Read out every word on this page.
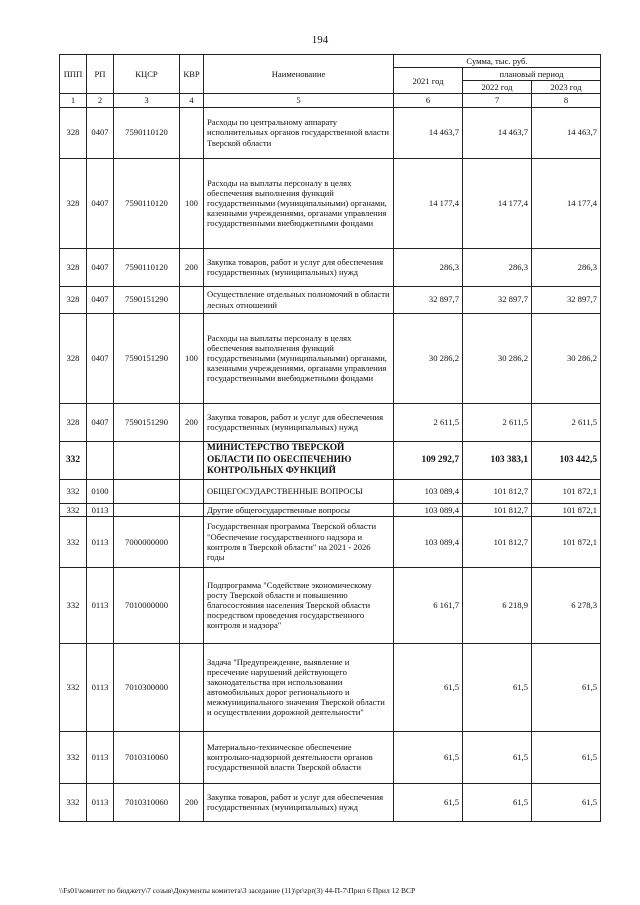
194
ППП	РП	КЦСР	КВР	Наименование	Сумма, тыс. руб.		
					2021 год	плановый период	
						2022 год	2023 год
1	2	3	4	5	6	7	8
328	0407	7590110120		Расходы по центральному аппарату исполнительных органов государственной власти Тверской области	14 463,7	14 463,7	14 463,7
328	0407	7590110120	100	Расходы на выплаты персоналу в целях обеспечения выполнения функций государственными (муниципальными) органами, казенными учреждениями, органами управления государственными внебюджетными фондами	14 177,4	14 177,4	14 177,4
328	0407	7590110120	200	Закупка товаров, работ и услуг для обеспечения государственных (муниципальных) нужд	286,3	286,3	286,3
328	0407	7590151290		Осуществление отдельных полномочий в области лесных отношений	32 897,7	32 897,7	32 897,7
328	0407	7590151290	100	Расходы на выплаты персоналу в целях обеспечения выполнения функций государственными (муниципальными) органами, казенными учреждениями, органами управления государственными внебюджетными фондами	30 286,2	30 286,2	30 286,2
328	0407	7590151290	200	Закупка товаров, работ и услуг для обеспечения государственных (муниципальных) нужд	2 611,5	2 611,5	2 611,5
332				МИНИСТЕРСТВО ТВЕРСКОЙ ОБЛАСТИ ПО ОБЕСПЕЧЕНИЮ КОНТРОЛЬНЫХ ФУНКЦИЙ	109 292,7	103 383,1	103 442,5
332	0100			ОБЩЕГОСУДАРСТВЕННЫЕ ВОПРОСЫ	103 089,4	101 812,7	101 872,1
332	0113			Другие общегосударственные вопросы	103 089,4	101 812,7	101 872,1
332	0113	7000000000		Государственная программа Тверской области "Обеспечение государственного надзора и контроля в Тверской области" на 2021 - 2026 годы	103 089,4	101 812,7	101 872,1
332	0113	7010000000		Подпрограмма "Содействие экономическому росту Тверской области и повышению благосостояния населения Тверской области посредством проведения государственного контроля и надзора"	6 161,7	6 218,9	6 278,3
332	0113	7010300000		Задача "Предупреждение, выявление и пресечение нарушений действующего законодательства при использовании автомобильных дорог регионального и межмуниципального значения Тверской области и осуществлении дорожной деятельности"	61,5	61,5	61,5
332	0113	7010310060		Материально-техническое обеспечение контрольно-надзорной деятельности органов государственной власти Тверской области	61,5	61,5	61,5
332	0113	7010310060	200	Закупка товаров, работ и услуг для обеспечения государственных (муниципальных) нужд	61,5	61,5	61,5
\\Fs01\комитет по бюджету\7 созыв\Документы комитета\3 заседание (11)\pr\zpr(3) 44-П-7\Прил 6 Прил 12 ВСР
